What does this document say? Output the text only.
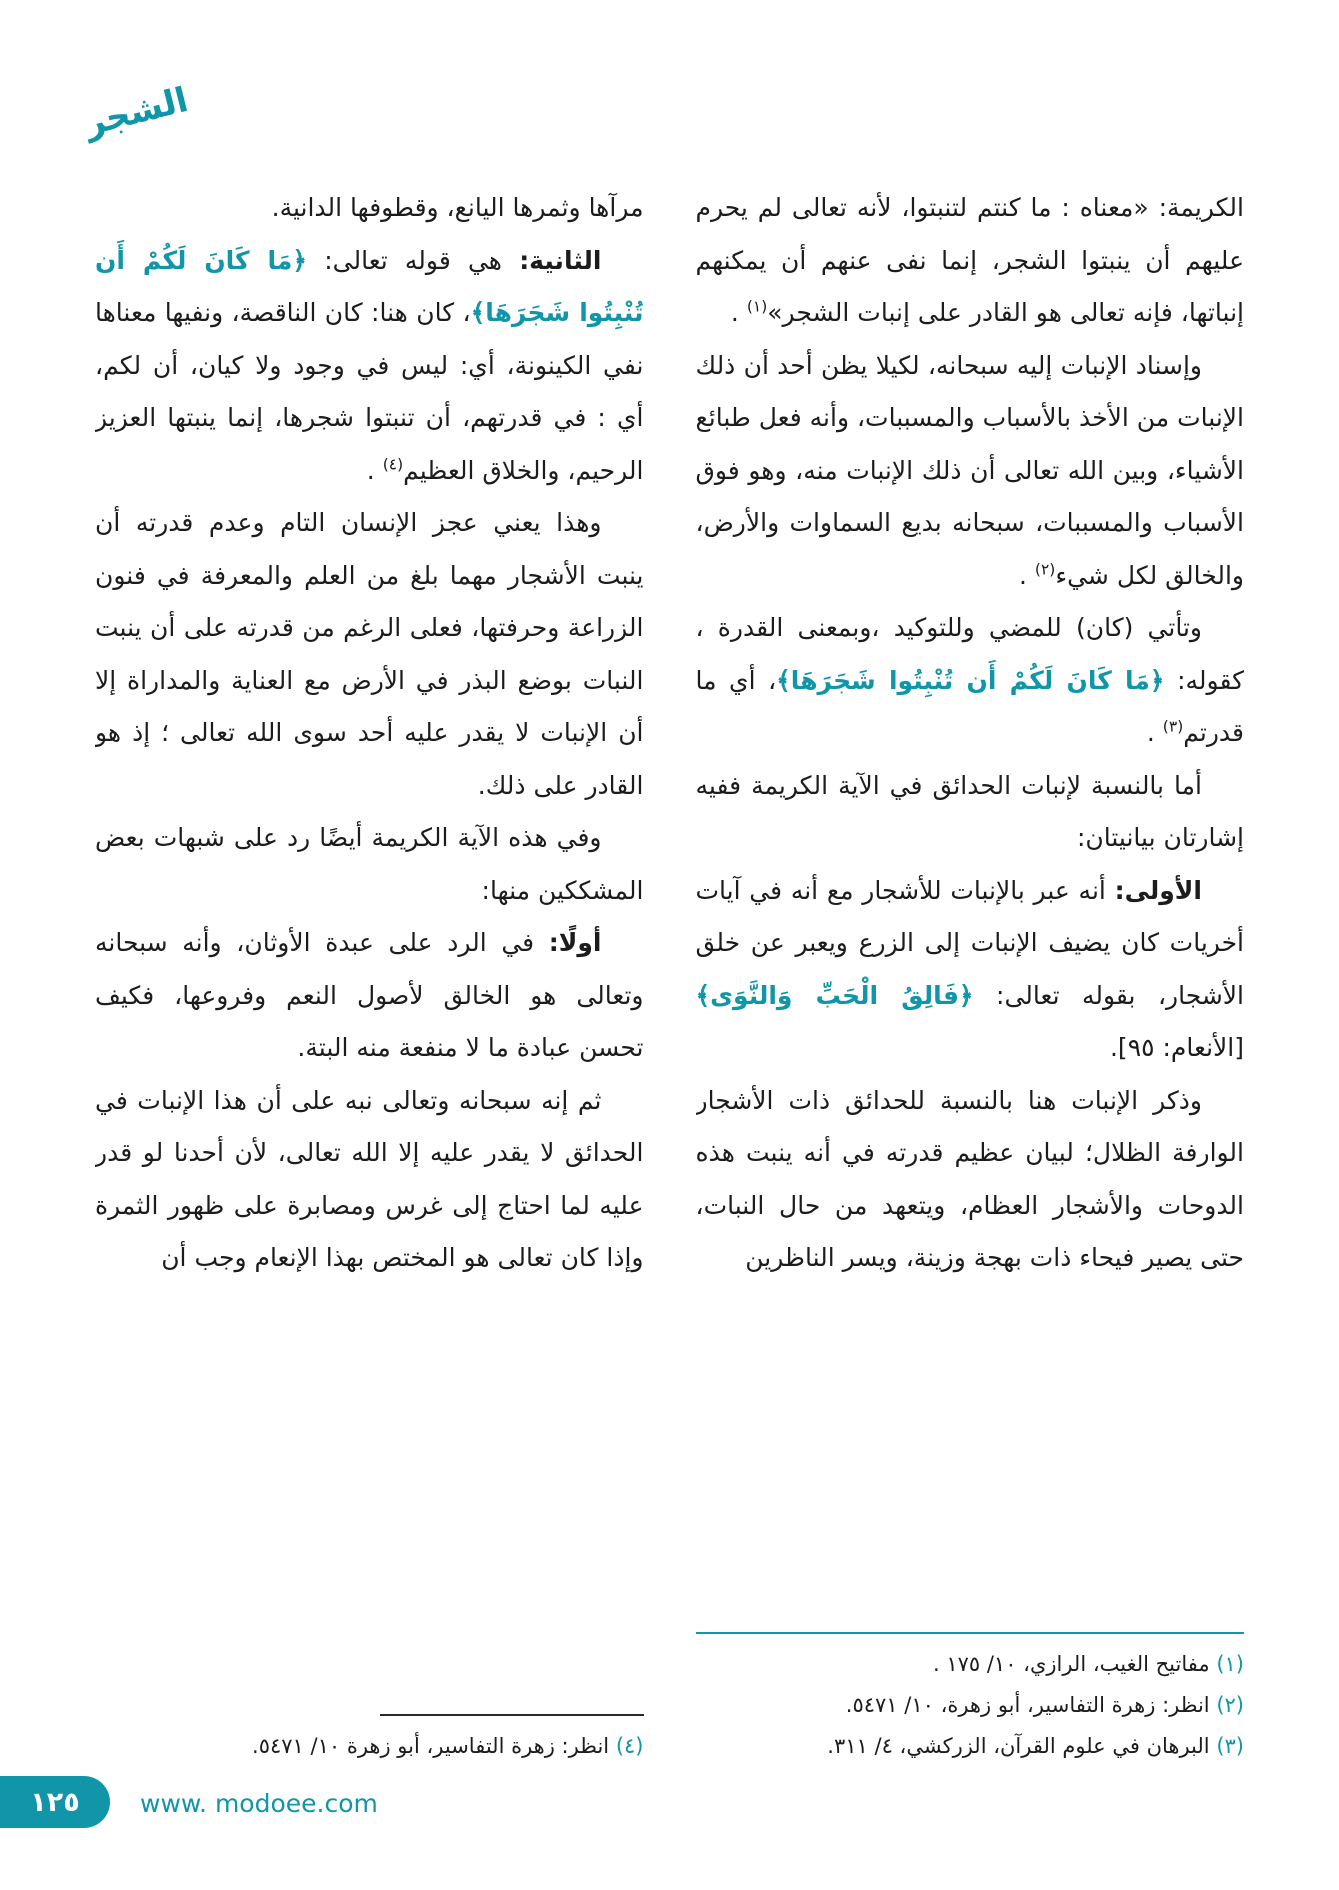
الشجر

الكريمة: «معناه : ما كنتم لتنبتوا، لأنه تعالى لم يحرم عليهم أن ينبتوا الشجر، إنما نفى عنهم أن يمكنهم إنباتها، فإنه تعالى هو القادر على إنبات الشجر»$^{(١)}$ .

وإسناد الإنبات إليه سبحانه، لكيلا يظن أحد أن ذلك الإنبات من الأخذ بالأسباب والمسببات، وأنه فعل طبائع الأشياء، وبين الله تعالى أن ذلك الإنبات منه، وهو فوق الأسباب والمسببات، سبحانه بديع السماوات والأرض، والخالق لكل شيء$^{(٢)}$ .

وتأتي (كان) للمضي وللتوكيد ،وبمعنى القدرة ، كقوله: ﴿مَا كَانَ لَكُمْ أَن تُنْبِتُوا شَجَرَهَا﴾، أي ما قدرتم$^{(٣)}$ .

أما بالنسبة لإنبات الحدائق في الآية الكريمة ففيه إشارتان بيانيتان:

الأولى: أنه عبر بالإنبات للأشجار مع أنه في آيات أخريات كان يضيف الإنبات إلى الزرع ويعبر عن خلق الأشجار، بقوله تعالى: ﴿فَالِقُ الْحَبِّ وَالنَّوَى﴾ [الأنعام: ٩٥].

وذكر الإنبات هنا بالنسبة للحدائق ذات الأشجار الوارفة الظلال؛ لبيان عظيم قدرته في أنه ينبت هذه الدوحات والأشجار العظام، ويتعهد من حال النبات، حتى يصير فيحاء ذات بهجة وزينة، ويسر الناظرين

(١) مفاتيح الغيب، الرازي، ١٠/ ١٧٥ .
(٢) انظر: زهرة التفاسير، أبو زهرة، ١٠/ ٥٤٧١.
(٣) البرهان في علوم القرآن، الزركشي، ٤/ ٣١١.

مرآها وثمرها اليانع، وقطوفها الدانية.

الثانية: هي قوله تعالى: ﴿مَا كَانَ لَكُمْ أَن تُنْبِتُوا شَجَرَهَا﴾، كان هنا: كان الناقصة، ونفيها معناها نفي الكينونة، أي: ليس في وجود ولا كيان، أن لكم، أي : في قدرتهم، أن تنبتوا شجرها، إنما ينبتها العزيز الرحيم، والخلاق العظيم$^{(٤)}$ .

وهذا يعني عجز الإنسان التام وعدم قدرته أن ينبت الأشجار مهما بلغ من العلم والمعرفة في فنون الزراعة وحرفتها، فعلى الرغم من قدرته على أن ينبت النبات بوضع البذر في الأرض مع العناية والمداراة إلا أن الإنبات لا يقدر عليه أحد سوى الله تعالى ؛ إذ هو القادر على ذلك.

وفي هذه الآية الكريمة أيضًا رد على شبهات بعض المشككين منها:

أولًا: في الرد على عبدة الأوثان، وأنه سبحانه وتعالى هو الخالق لأصول النعم وفروعها، فكيف تحسن عبادة ما لا منفعة منه البتة.

ثم إنه سبحانه وتعالى نبه على أن هذا الإنبات في الحدائق لا يقدر عليه إلا الله تعالى، لأن أحدنا لو قدر عليه لما احتاج إلى غرس ومصابرة على ظهور الثمرة وإذا كان تعالى هو المختص بهذا الإنعام وجب أن

(٤) انظر: زهرة التفاسير، أبو زهرة ١٠/ ٥٤٧١.
١٢٥ www. modoee.com
